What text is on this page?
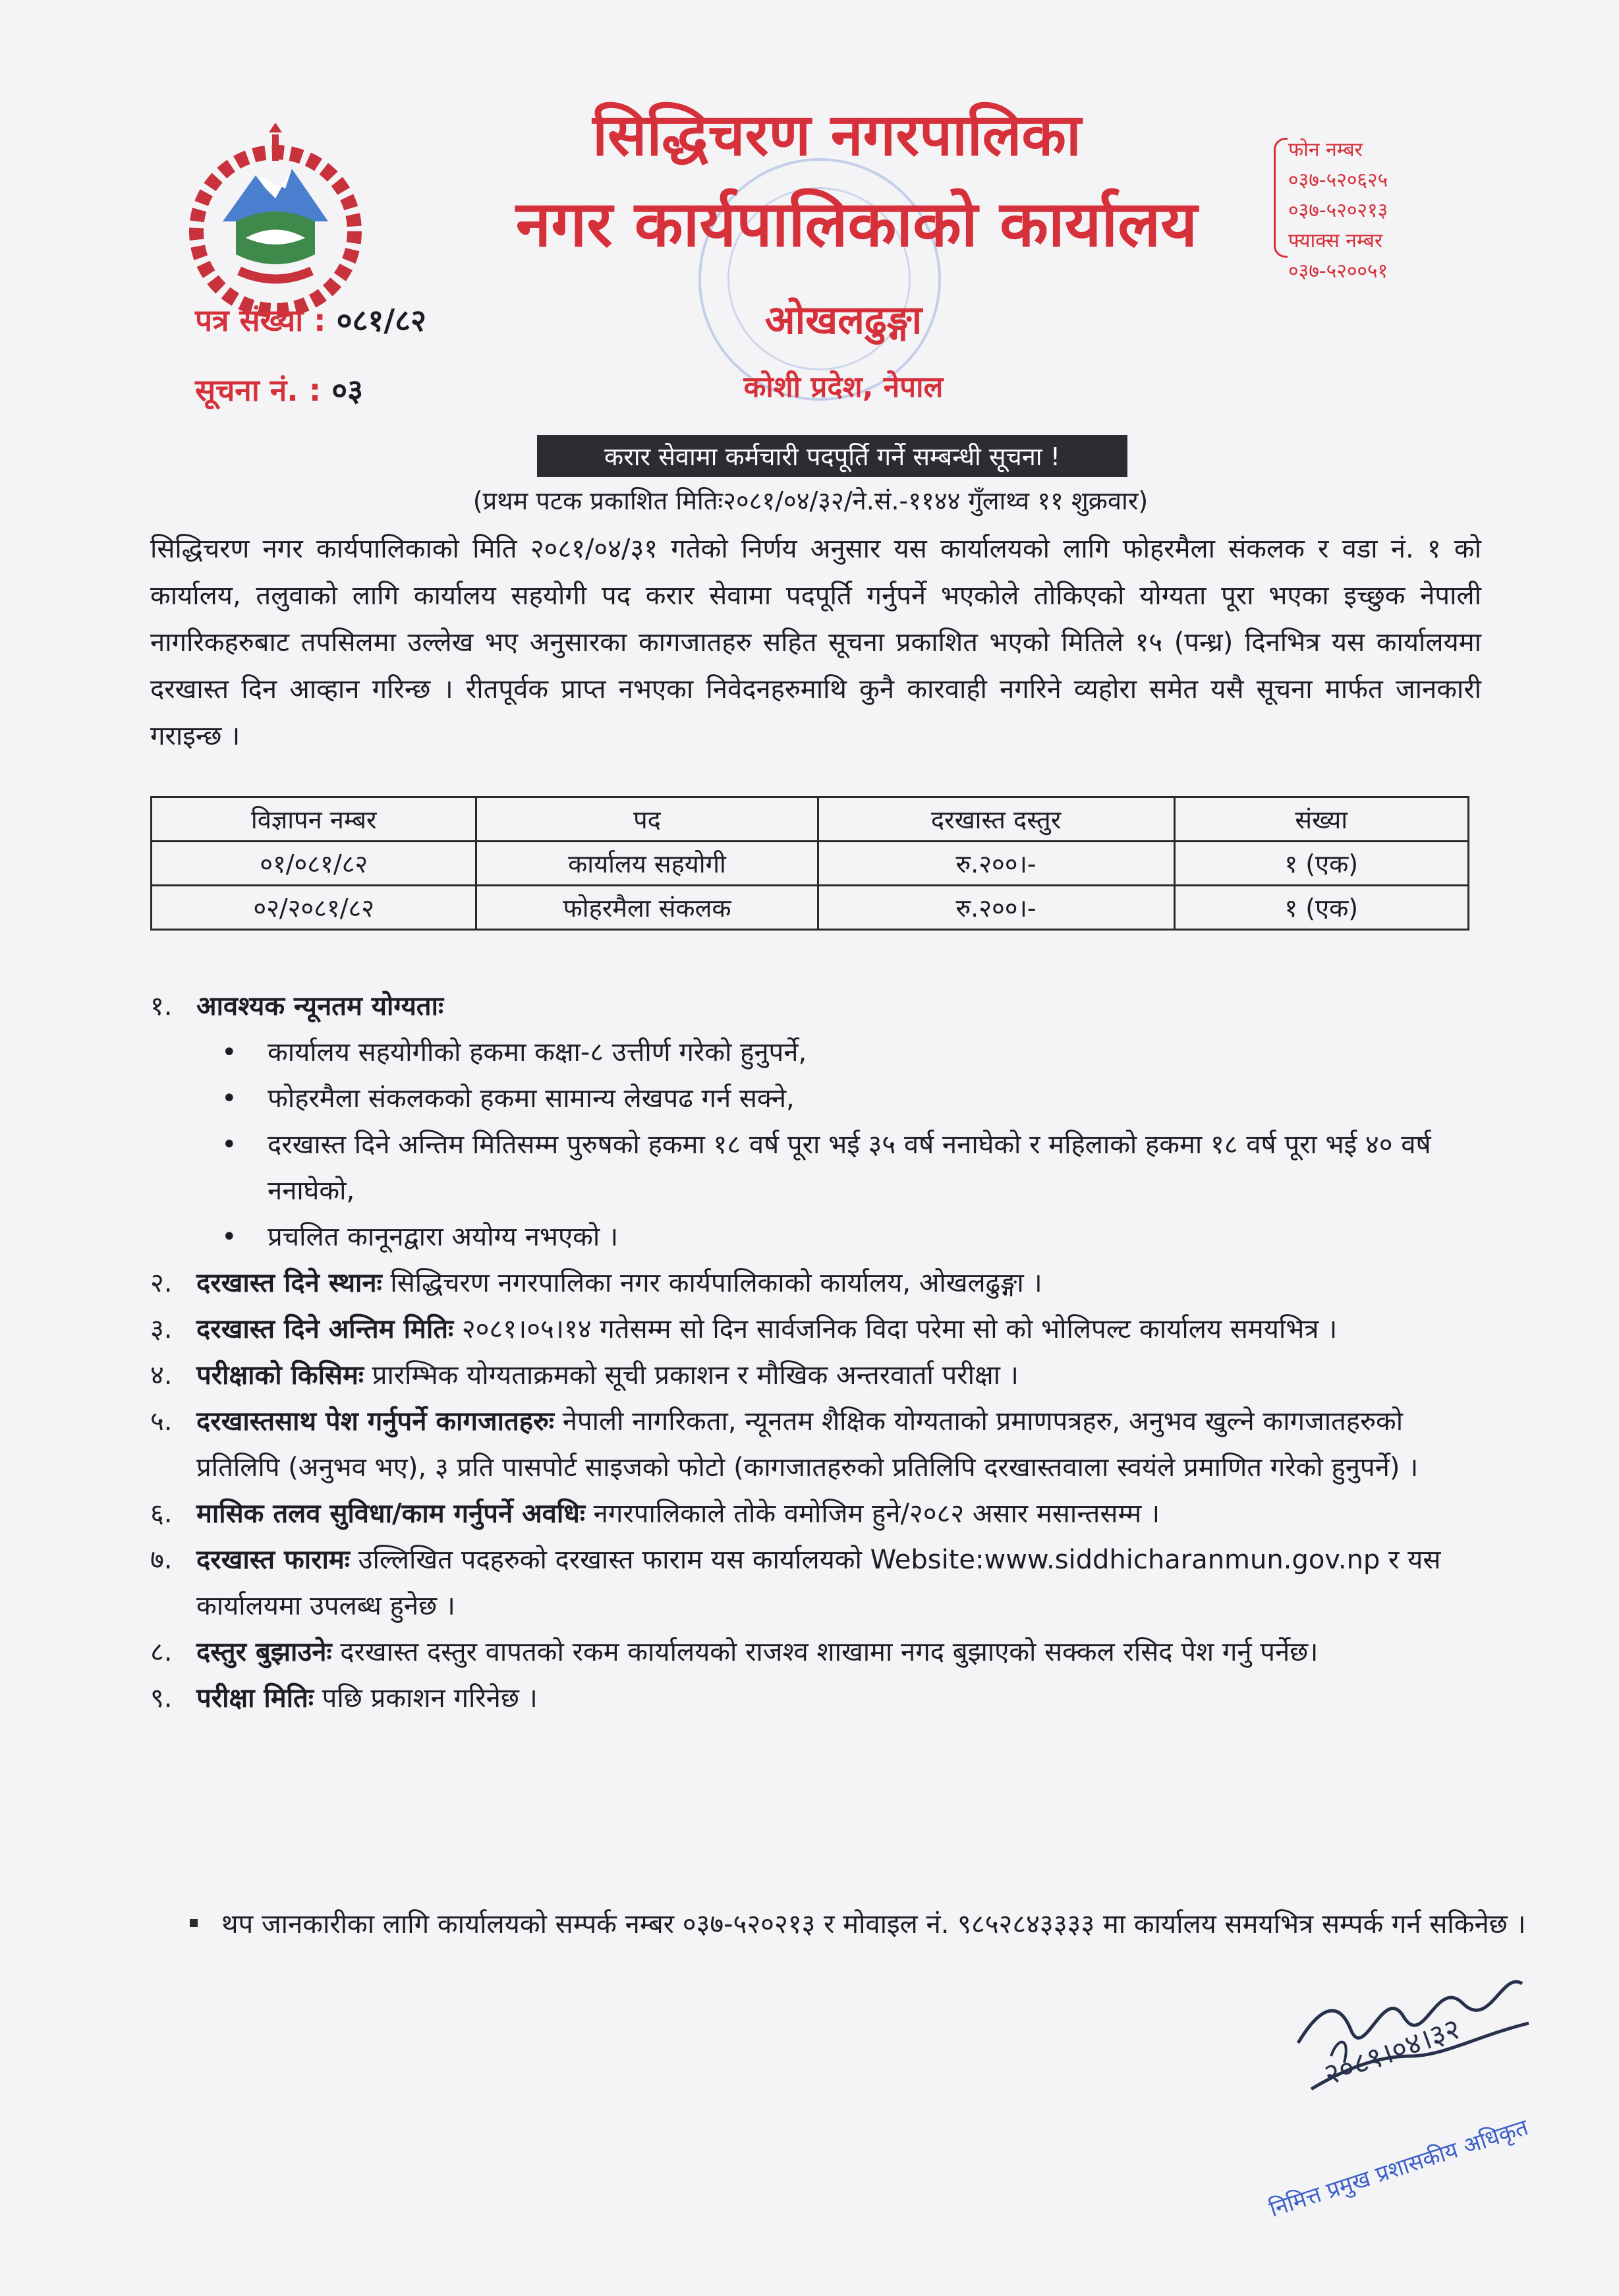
सिद्धिचरण नगरपालिका
नगर कार्यपालिकाको कार्यालय
ओखलढुङ्गा
कोशी प्रदेश, नेपाल
पत्र संख्या : ०८१/८२
सूचना नं. : ०३
फोन नम्बर
०३७-५२०६२५
०३७-५२०२१३
फ्याक्स नम्बर
०३७-५२००५१
करार सेवामा कर्मचारी पदपूर्ति गर्ने सम्बन्धी सूचना !
(प्रथम पटक प्रकाशित मितिः२०८१/०४/३२/ने.सं.-११४४ गुँलाथ्व ११ शुक्रवार)
सिद्धिचरण नगर कार्यपालिकाको मिति २०८१/०४/३१ गतेको निर्णय अनुसार यस कार्यालयको लागि फोहरमैला संकलक र वडा नं. १ को कार्यालय, तलुवाको लागि कार्यालय सहयोगी पद करार सेवामा पदपूर्ति गर्नुपर्ने भएकोले तोकिएको योग्यता पूरा भएका इच्छुक नेपाली नागरिकहरुबाट तपसिलमा उल्लेख भए अनुसारका कागजातहरु सहित सूचना प्रकाशित भएको मितिले १५ (पन्ध्र) दिनभित्र यस कार्यालयमा दरखास्त दिन आव्हान गरिन्छ । रीतपूर्वक प्राप्त नभएका निवेदनहरुमाथि कुनै कारवाही नगरिने व्यहोरा समेत यसै सूचना मार्फत जानकारी गराइन्छ ।
विज्ञापन नम्बर	पद	दरखास्त दस्तुर	संख्या
०१/०८१/८२	कार्यालय सहयोगी	रु.२००।-	१ (एक)
०२/२०८१/८२	फोहरमैला संकलक	रु.२००।-	१ (एक)
१. आवश्यक न्यूनतम योग्यताः
• कार्यालय सहयोगीको हकमा कक्षा-८ उत्तीर्ण गरेको हुनुपर्ने,
• फोहरमैला संकलकको हकमा सामान्य लेखपढ गर्न सक्ने,
• दरखास्त दिने अन्तिम मितिसम्म पुरुषको हकमा १८ वर्ष पूरा भई ३५ वर्ष ननाघेको र महिलाको हकमा १८ वर्ष पूरा भई ४० वर्ष ननाघेको,
• प्रचलित कानूनद्वारा अयोग्य नभएको ।
२. दरखास्त दिने स्थानः सिद्धिचरण नगरपालिका नगर कार्यपालिकाको कार्यालय, ओखलढुङ्गा ।
३. दरखास्त दिने अन्तिम मितिः २०८१।०५।१४ गतेसम्म सो दिन सार्वजनिक विदा परेमा सो को भोलिपल्ट कार्यालय समयभित्र ।
४. परीक्षाको किसिमः प्रारम्भिक योग्यताक्रमको सूची प्रकाशन र मौखिक अन्तरवार्ता परीक्षा ।
५. दरखास्तसाथ पेश गर्नुपर्ने कागजातहरुः नेपाली नागरिकता, न्यूनतम शैक्षिक योग्यताको प्रमाणपत्रहरु, अनुभव खुल्ने कागजातहरुको प्रतिलिपि (अनुभव भए), ३ प्रति पासपोर्ट साइजको फोटो (कागजातहरुको प्रतिलिपि दरखास्तवाला स्वयंले प्रमाणित गरेको हुनुपर्ने) ।
६. मासिक तलव सुविधा/काम गर्नुपर्ने अवधिः नगरपालिकाले तोके वमोजिम हुने/२०८२ असार मसान्तसम्म ।
७. दरखास्त फारामः उल्लिखित पदहरुको दरखास्त फाराम यस कार्यालयको Website:www.siddhicharanmun.gov.np र यस कार्यालयमा उपलब्ध हुनेछ ।
८. दस्तुर बुझाउनेः दरखास्त दस्तुर वापतको रकम कार्यालयको राजश्व शाखामा नगद बुझाएको सक्कल रसिद पेश गर्नु पर्नेछ।
९. परीक्षा मितिः पछि प्रकाशन गरिनेछ ।
थप जानकारीका लागि कार्यालयको सम्पर्क नम्बर ०३७-५२०२१३ र मोवाइल नं. ९८५२८४३३३३ मा कार्यालय समयभित्र सम्पर्क गर्न सकिनेछ ।
२०८१।०४।३२
निमित्त प्रमुख प्रशासकीय अधिकृत
